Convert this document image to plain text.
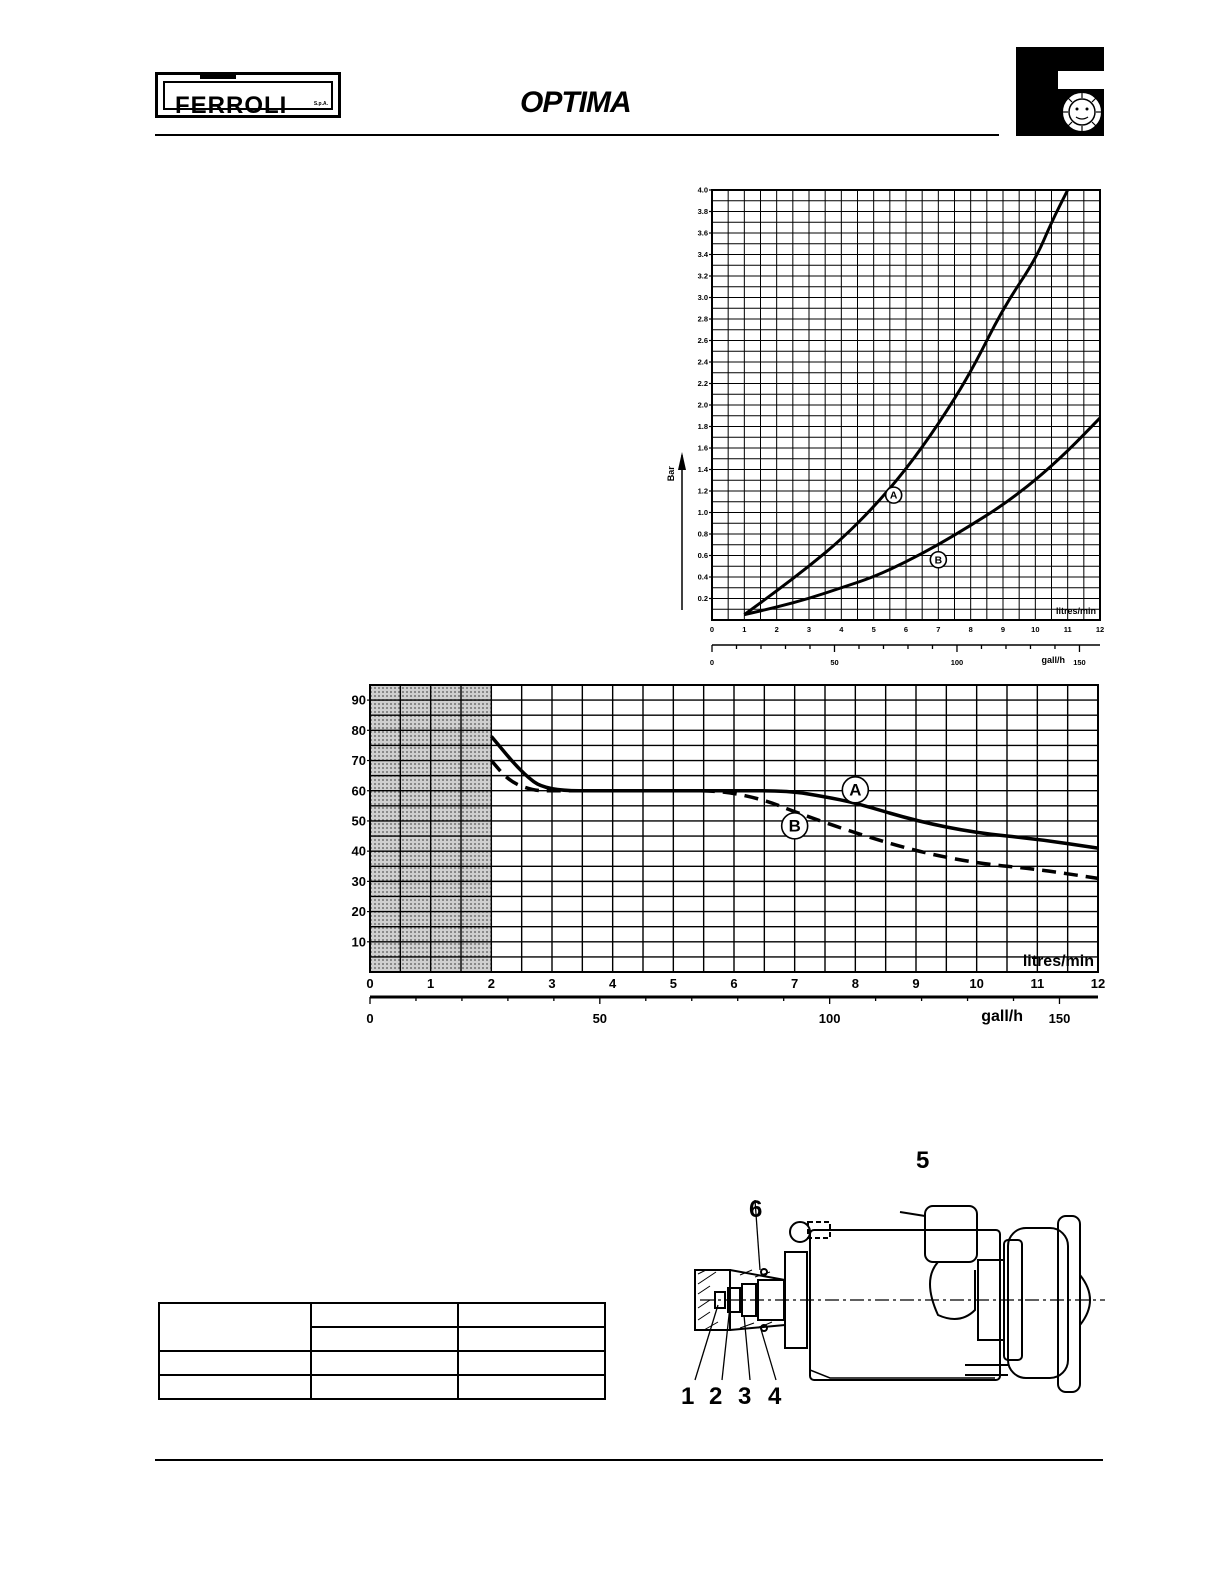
FERROLI	S.p.A.	OPTIMA
0	1	2	3	4	5	6	7	8	9	10	11	12
0.2
0.4
0.6
0.8
1.0
1.2
1.4
1.6
1.8
2.0
2.2
2.4
2.6
2.8
3.0
3.2
3.4
3.6
3.8
4.0
litres/min
0	50	100	150
gall/h
A
B
Bar
0	1	2	3	4	5	6	7	8	9	10	11	12
10
20
30
40
50
60
70
80
90
litres/min
0	50	100	150
gall/h
A
B

1 2 3 4
5
6
